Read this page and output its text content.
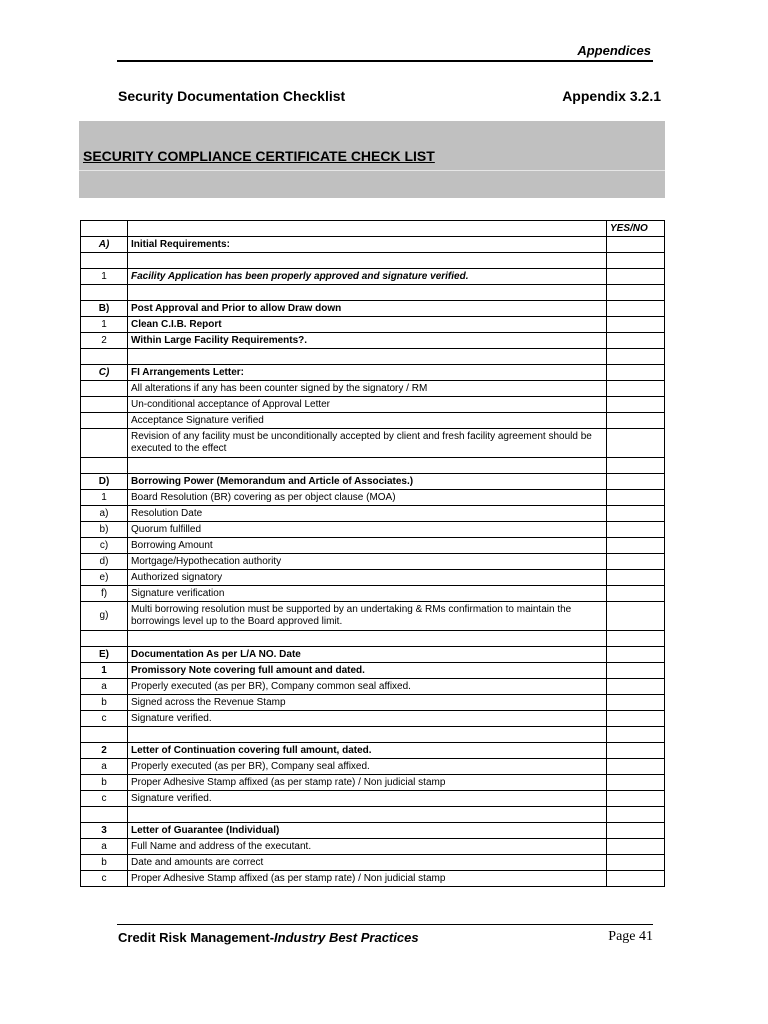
Appendices
Security Documentation Checklist	Appendix 3.2.1
SECURITY COMPLIANCE CERTIFICATE CHECK LIST
		YES/NO
A)	Initial Requirements:	

1	Facility Application has been properly approved and signature verified.	

B)	Post Approval and Prior to allow Draw down	
1	Clean C.I.B. Report	
2	Within Large Facility Requirements?.	

C)	FI Arrangements Letter:	
	All alterations if any has been counter signed by the signatory / RM	
	Un-conditional acceptance of Approval Letter	
	Acceptance Signature verified	
	Revision of any facility must be unconditionally accepted by client and fresh facility agreement should be executed to the effect	

D)	Borrowing Power (Memorandum and Article of Associates.)	
1	Board Resolution (BR) covering as per object clause (MOA)	
a)	Resolution Date	
b)	Quorum fulfilled	
c)	Borrowing Amount	
d)	Mortgage/Hypothecation authority	
e)	Authorized signatory	
f)	Signature verification	
g)	Multi borrowing resolution must be supported by an undertaking & RMs confirmation to maintain the borrowings level up to the Board approved limit.	

E)	Documentation As per L/A NO. Date	
1	Promissory Note covering full amount and dated.	
a	Properly executed (as per BR), Company common seal affixed.	
b	Signed across the Revenue Stamp	
c	Signature verified.	

2	Letter of Continuation covering full amount, dated.	
a	Properly executed (as per BR), Company seal affixed.	
b	Proper Adhesive Stamp affixed (as per stamp rate) / Non judicial stamp	
c	Signature verified.	

3	Letter of Guarantee (Individual)	
a	Full Name and address of the executant.	
b	Date and amounts are correct	
c	Proper Adhesive Stamp affixed (as per stamp rate) / Non judicial stamp	
Credit Risk Management-Industry Best Practices	Page 41
